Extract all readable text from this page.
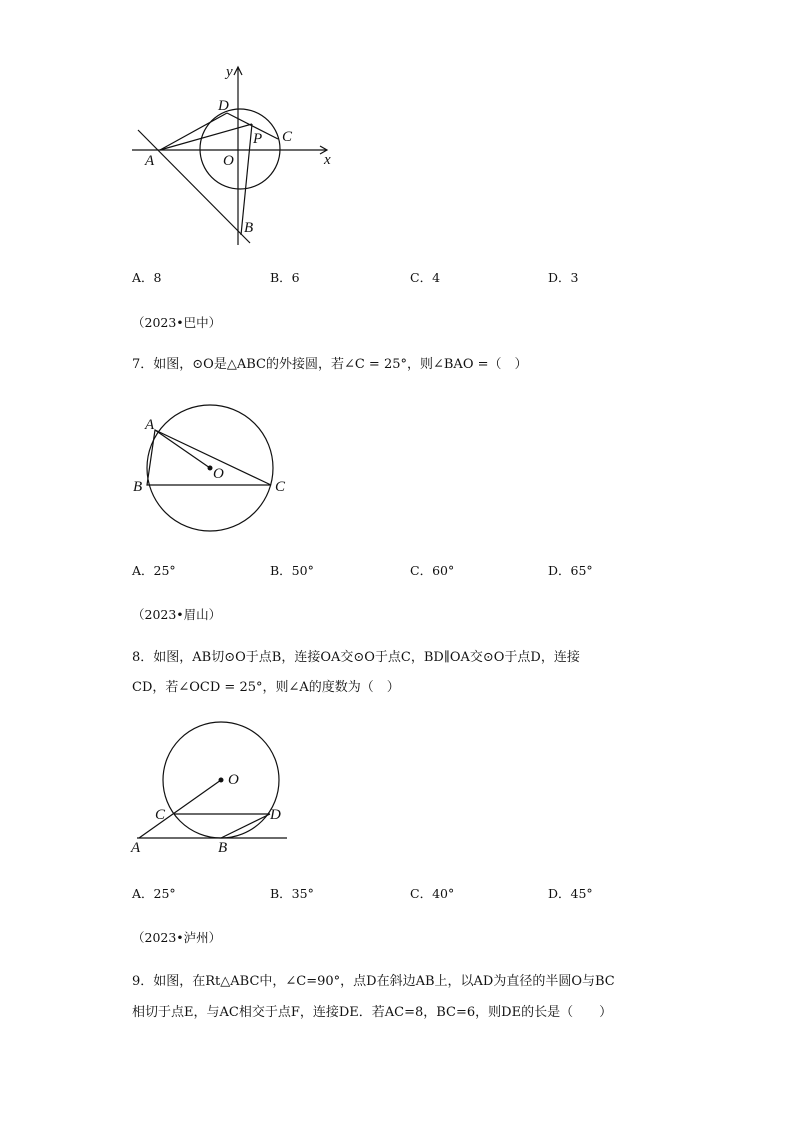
y
x
D
P C
A	O
B
A．8	B．6	C．4	D．3
（2023•巴中）
7．如图，⊙O是△ABC的外接圆，若∠C = 25°，则∠BAO =（　）
A
B	C
O
A．25°	B．50°	C．60°	D．65°
（2023•眉山）
8．如图，AB切⊙O于点B，连接OA交⊙O于点C，BD∥OA交⊙O于点D，连接
CD，若∠OCD = 25°，则∠A的度数为（　）
O
C	D
A	B
A．25°	B．35°	C．40°	D．45°
（2023•泸州）
9．如图，在Rt△ABC中，∠C=90°，点D在斜边AB上，以AD为直径的半圆O与BC
相切于点E，与AC相交于点F，连接DE．若AC=8，BC=6，则DE的长是（　　）
